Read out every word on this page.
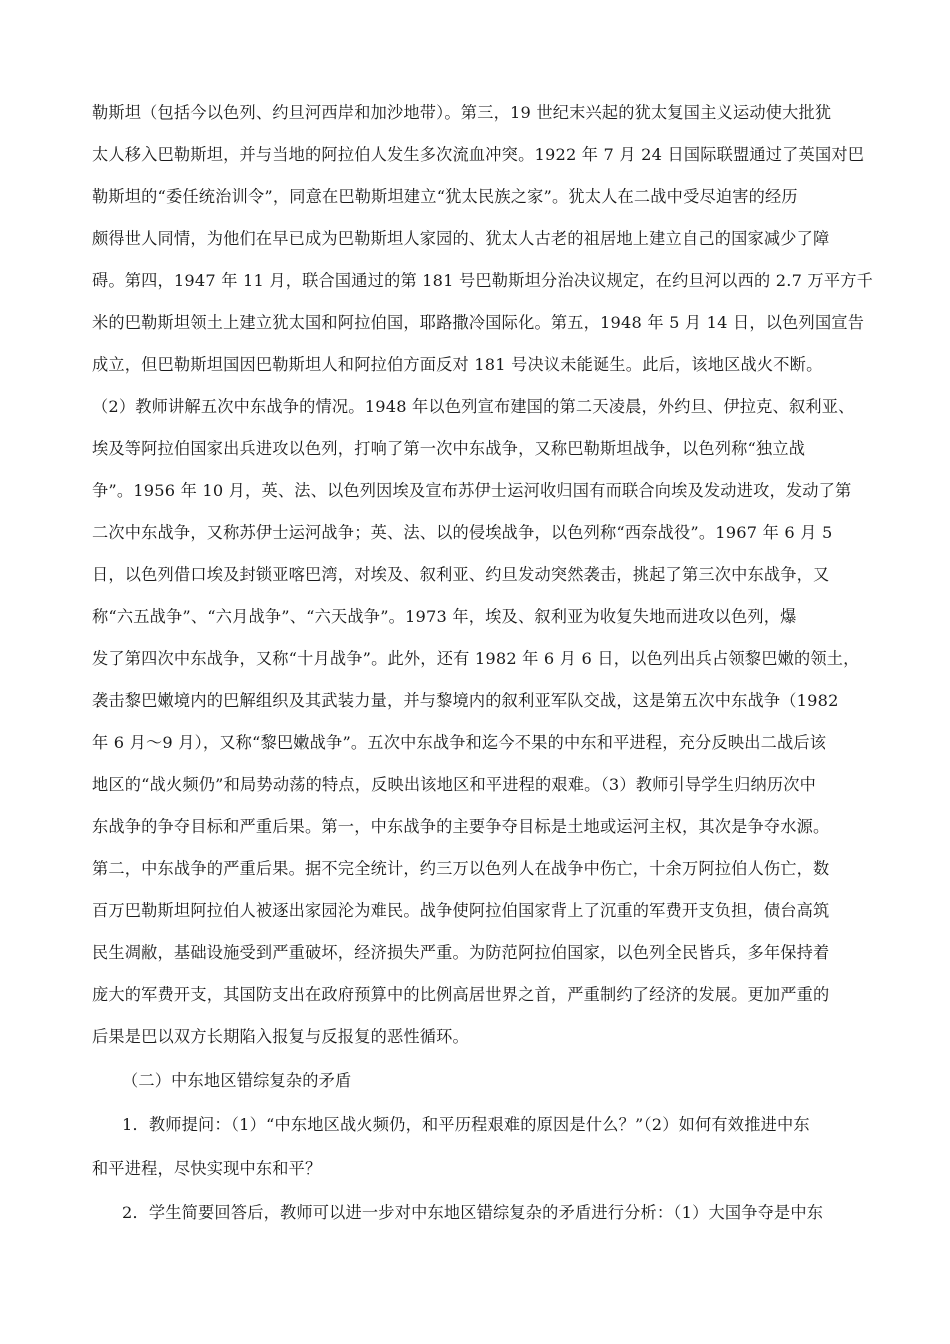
勒斯坦（包括今以色列、约旦河西岸和加沙地带）。第三，19 世纪末兴起的犹太复国主义运动使大批犹
太人移入巴勒斯坦，并与当地的阿拉伯人发生多次流血冲突。1922 年 7 月 24 日国际联盟通过了英国对巴
勒斯坦的“委任统治训令”，同意在巴勒斯坦建立“犹太民族之家”。犹太人在二战中受尽迫害的经历
颇得世人同情，为他们在早已成为巴勒斯坦人家园的、犹太人古老的祖居地上建立自己的国家减少了障
碍。第四，1947 年 11 月，联合国通过的第 181 号巴勒斯坦分治决议规定，在约旦河以西的 2.7 万平方千
米的巴勒斯坦领土上建立犹太国和阿拉伯国，耶路撒冷国际化。第五，1948 年 5 月 14 日，以色列国宣告
成立，但巴勒斯坦国因巴勒斯坦人和阿拉伯方面反对 181 号决议未能诞生。此后，该地区战火不断。
（2）教师讲解五次中东战争的情况。1948 年以色列宣布建国的第二天凌晨，外约旦、伊拉克、叙利亚、
埃及等阿拉伯国家出兵进攻以色列，打响了第一次中东战争，又称巴勒斯坦战争，以色列称“独立战
争”。1956 年 10 月，英、法、以色列因埃及宣布苏伊士运河收归国有而联合向埃及发动进攻，发动了第
二次中东战争，又称苏伊士运河战争；英、法、以的侵埃战争，以色列称“西奈战役”。1967 年 6 月 5
日，以色列借口埃及封锁亚喀巴湾，对埃及、叙利亚、约旦发动突然袭击，挑起了第三次中东战争，又
称“六五战争”、“六月战争”、“六天战争”。1973 年，埃及、叙利亚为收复失地而进攻以色列，爆
发了第四次中东战争，又称“十月战争”。此外，还有 1982 年 6 月 6 日，以色列出兵占领黎巴嫩的领土，
袭击黎巴嫩境内的巴解组织及其武装力量，并与黎境内的叙利亚军队交战，这是第五次中东战争（1982
年 6 月～9 月），又称“黎巴嫩战争”。五次中东战争和迄今不果的中东和平进程，充分反映出二战后该
地区的“战火频仍”和局势动荡的特点，反映出该地区和平进程的艰难。（3）教师引导学生归纳历次中
东战争的争夺目标和严重后果。第一，中东战争的主要争夺目标是土地或运河主权，其次是争夺水源。
第二，中东战争的严重后果。据不完全统计，约三万以色列人在战争中伤亡，十余万阿拉伯人伤亡，数
百万巴勒斯坦阿拉伯人被逐出家园沦为难民。战争使阿拉伯国家背上了沉重的军费开支负担，债台高筑
民生凋敝，基础设施受到严重破坏，经济损失严重。为防范阿拉伯国家，以色列全民皆兵，多年保持着
庞大的军费开支，其国防支出在政府预算中的比例高居世界之首，严重制约了经济的发展。更加严重的
后果是巴以双方长期陷入报复与反报复的恶性循环。
（二）中东地区错综复杂的矛盾
1．教师提问：（1）“中东地区战火频仍，和平历程艰难的原因是什么？”（2）如何有效推进中东
和平进程，尽快实现中东和平？
2．学生简要回答后，教师可以进一步对中东地区错综复杂的矛盾进行分析：（1）大国争夺是中东
